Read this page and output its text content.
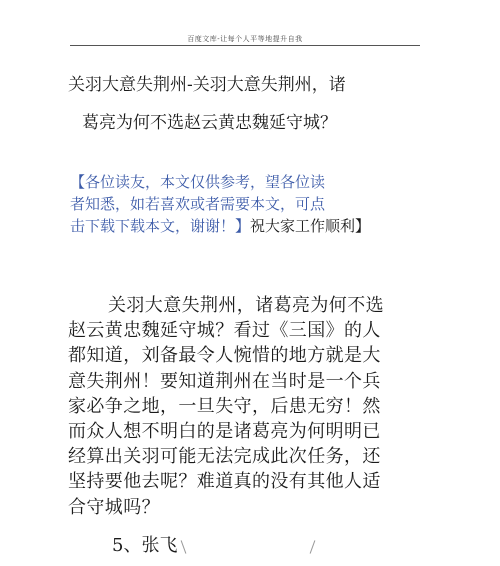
百度文库-让每个人平等地提升自我
关羽大意失荆州-关羽大意失荆州，诸
葛亮为何不选赵云黄忠魏延守城？
【各位读友，本文仅供参考，望各位读
者知悉，如若喜欢或者需要本文，可点
击下载下载本文，谢谢！】祝大家工作顺利】
关羽大意失荆州，诸葛亮为何不选
赵云黄忠魏延守城？看过《三国》的人
都知道，刘备最令人惋惜的地方就是大
意失荆州！要知道荆州在当时是一个兵
家必争之地，一旦失守，后患无穷！然
而众人想不明白的是诸葛亮为何明明已
经算出关羽可能无法完成此次任务，还
坚持要他去呢？难道真的没有其他人适
合守城吗？
5、张飞
